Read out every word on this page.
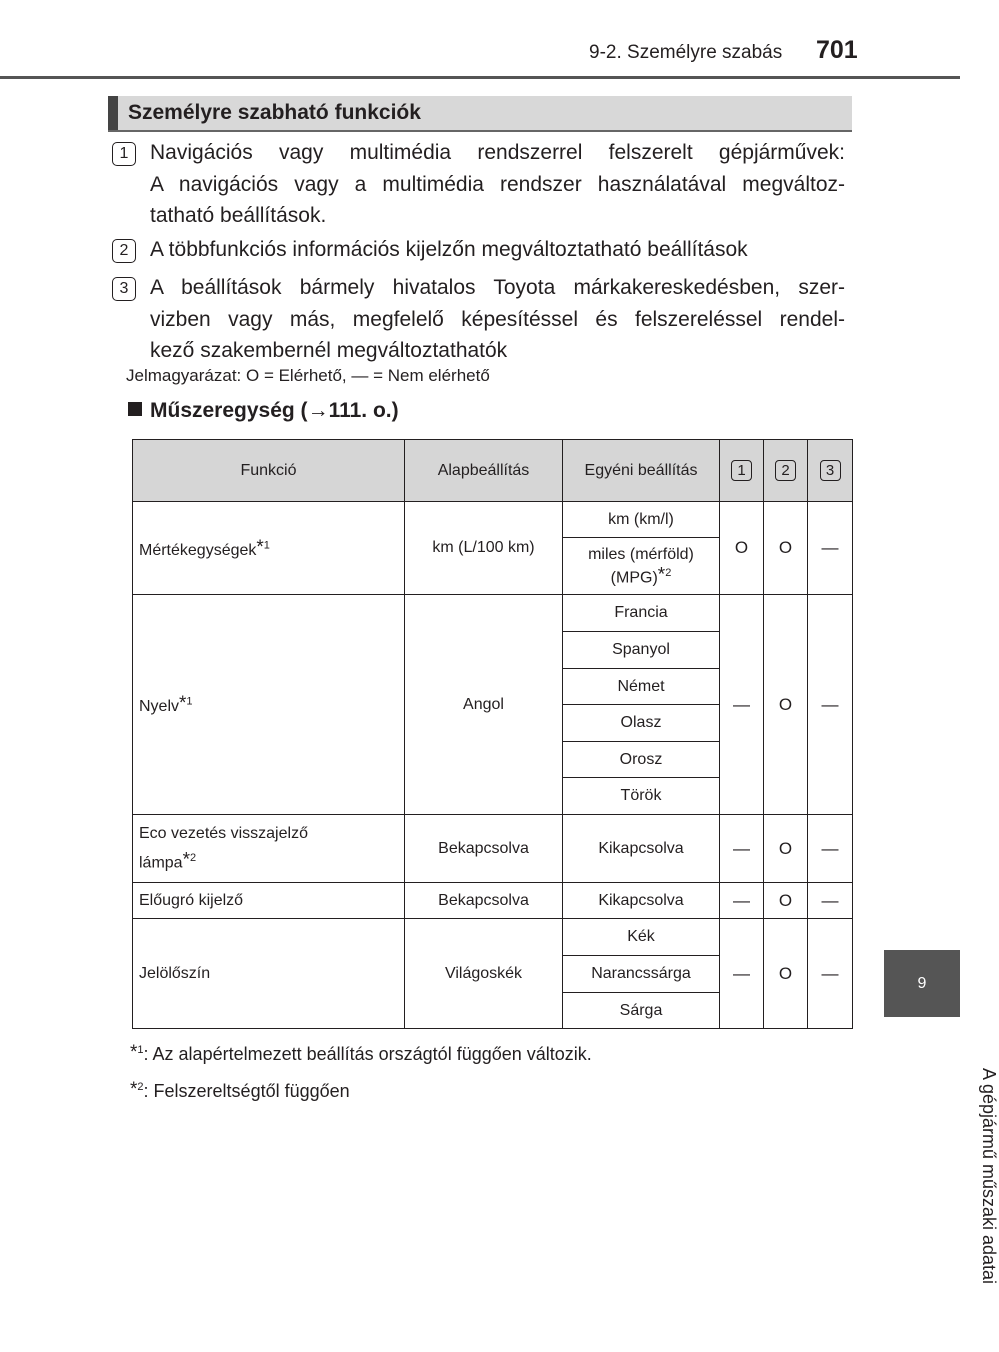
9-2. Személyre szabás 701
Személyre szabható funkciók
1	Navigációs vagy multimédia rendszerrel felszerelt gépjárművek:
A navigációs vagy a multimédia rendszer használatával megváltoz-
tatható beállítások.
2	A többfunkciós információs kijelzőn megváltoztatható beállítások
3	A beállítások bármely hivatalos Toyota márkakereskedésben, szer-
vizben vagy más, megfelelő képesítéssel és felszereléssel rendel-
kező szakembernél megváltoztathatók
Jelmagyarázat: O = Elérhető, — = Nem elérhető
Műszeregység (→111. o.)
Funkció	Alapbeállítás	Egyéni beállítás	1	2	3
Mértékegységek*$^1$	km (L/100 km)	km (km/l)	O	O	—
		miles (mérföld)
(MPG)*$^2$
Nyelv*$^1$	Angol	Francia	—	O	—
		Spanyol			
		Német			
		Olasz			
		Orosz			
		Török			
Eco vezetés visszajelző
lámpa*$^2$	Bekapcsolva	Kikapcsolva	—	O	—
Előugró kijelző	Bekapcsolva	Kikapcsolva	—	O	—
Jelölőszín	Világoskék	Kék	—	O	—
		Narancssárga			
		Sárga			
*$^1$: Az alapértelmezett beállítás országtól függően változik.
*$^2$: Felszereltségtől függően
9
A gépjármű műszaki adatai
